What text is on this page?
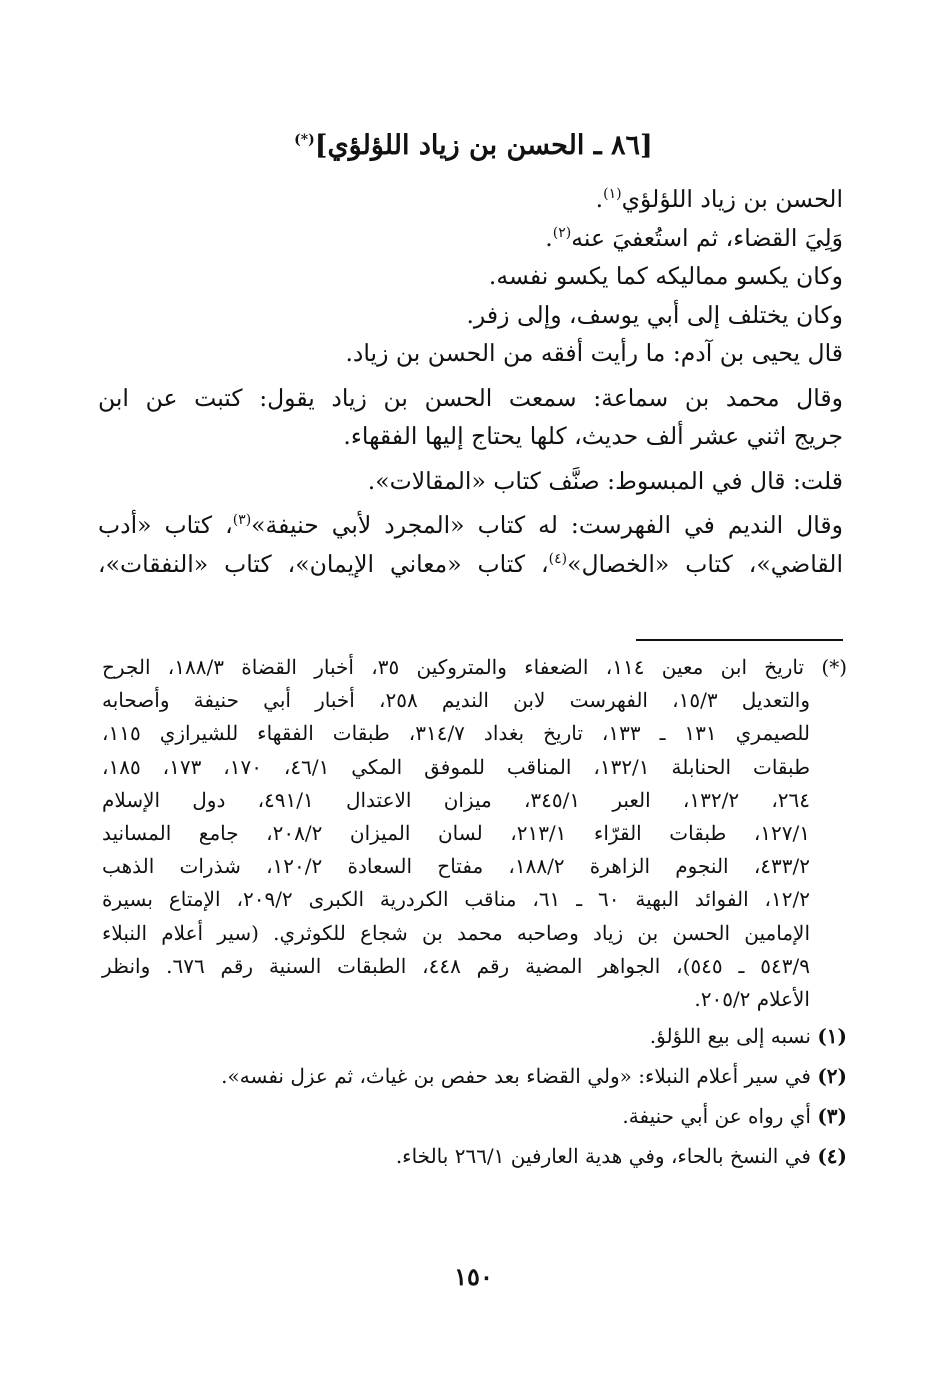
[٨٦ ـ الحسن بن زياد اللؤلؤي](*)
الحسن بن زياد اللؤلؤي$^{(١)}$.
وَلِيَ القضاء، ثم استُعفيَ عنه$^{(٢)}$.
وكان يكسو مماليكه كما يكسو نفسه.
وكان يختلف إلى أبي يوسف، وإلى زفر.
قال يحيى بن آدم: ما رأيت أفقه من الحسن بن زياد.
وقال محمد بن سماعة: سمعت الحسن بن زياد يقول: كتبت عن ابن
جريج اثني عشر ألف حديث، كلها يحتاج إليها الفقهاء.
قلت: قال في المبسوط: صنَّف كتاب «المقالات».
وقال النديم في الفهرست: له كتاب «المجرد لأبي حنيفة»$^{(٣)}$، كتاب «أدب
القاضي»، كتاب «الخصال»$^{(٤)}$، كتاب «معاني الإيمان»، كتاب «النفقات»،
(*) تاريخ ابن معين ١١٤، الضعفاء والمتروكين ٣٥، أخبار القضاة ١٨٨/٣، الجرح
والتعديل ١٥/٣، الفهرست لابن النديم ٢٥٨، أخبار أبي حنيفة وأصحابه
للصيمري ١٣١ ـ ١٣٣، تاريخ بغداد ٣١٤/٧، طبقات الفقهاء للشيرازي ١١٥،
طبقات الحنابلة ١٣٢/١، المناقب للموفق المكي ٤٦/١، ١٧٠، ١٧٣، ١٨٥،
٢٦٤، ١٣٢/٢، العبر ٣٤٥/١، ميزان الاعتدال ٤٩١/١، دول الإسلام
١٢٧/١، طبقات القرّاء ٢١٣/١، لسان الميزان ٢٠٨/٢، جامع المسانيد
٤٣٣/٢، النجوم الزاهرة ١٨٨/٢، مفتاح السعادة ١٢٠/٢، شذرات الذهب
١٢/٢، الفوائد البهية ٦٠ ـ ٦١، مناقب الكردرية الكبرى ٢٠٩/٢، الإمتاع بسيرة
الإمامين الحسن بن زياد وصاحبه محمد بن شجاع للكوثري. (سير أعلام النبلاء
٥٤٣/٩ ـ ٥٤٥)، الجواهر المضية رقم ٤٤٨، الطبقات السنية رقم ٦٧٦. وانظر
الأعلام ٢٠٥/٢.
(١) نسبه إلى بيع اللؤلؤ.
(٢) في سير أعلام النبلاء: «ولي القضاء بعد حفص بن غياث، ثم عزل نفسه».
(٣) أي رواه عن أبي حنيفة.
(٤) في النسخ بالحاء، وفي هدية العارفين ٢٦٦/١ بالخاء.
١٥٠
